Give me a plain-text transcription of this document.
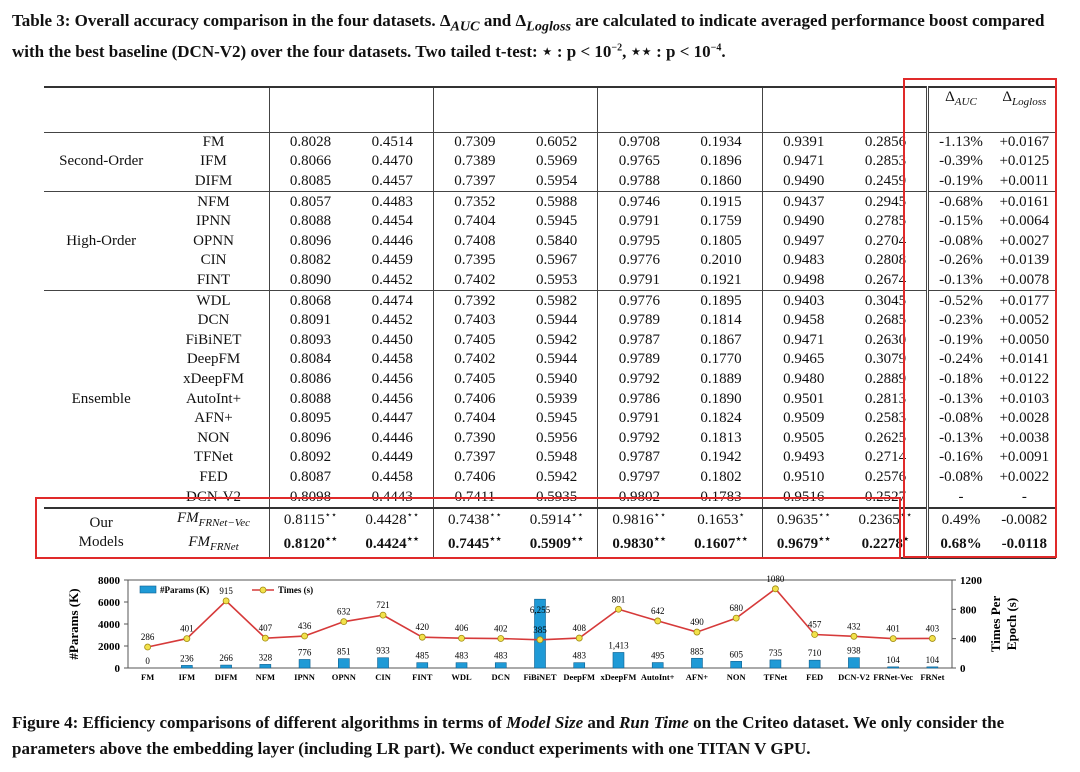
Table 3: Overall accuracy comparison in the four datasets. $\Delta_{AUC}$ and $\Delta_{Logloss}$ are calculated to indicate averaged performance boost compared with the best baseline (DCN-V2) over the four datasets. Two tailed t-test: ⋆ : $p < 10^{-2}$, ⋆⋆ : $p < 10^{-4}$.
										$\Delta_{AUC}$	$\Delta_{Logloss}$

Second-Order	FM	0.8028	0.4514	0.7309	0.6052	0.9708	0.1934	0.9391	0.2856	-1.13%	+0.0167
	IFM	0.8066	0.4470	0.7389	0.5969	0.9765	0.1896	0.9471	0.2853	-0.39%	+0.0125
	DIFM	0.8085	0.4457	0.7397	0.5954	0.9788	0.1860	0.9490	0.2459	-0.19%	+0.0011
High-Order	NFM	0.8057	0.4483	0.7352	0.5988	0.9746	0.1915	0.9437	0.2945	-0.68%	+0.0161
	IPNN	0.8088	0.4454	0.7404	0.5945	0.9791	0.1759	0.9490	0.2785	-0.15%	+0.0064
	OPNN	0.8096	0.4446	0.7408	0.5840	0.9795	0.1805	0.9497	0.2704	-0.08%	+0.0027
	CIN	0.8082	0.4459	0.7395	0.5967	0.9776	0.2010	0.9483	0.2808	-0.26%	+0.0139
	FINT	0.8090	0.4452	0.7402	0.5953	0.9791	0.1921	0.9498	0.2674	-0.13%	+0.0078
Ensemble	WDL	0.8068	0.4474	0.7392	0.5982	0.9776	0.1895	0.9403	0.3045	-0.52%	+0.0177
	DCN	0.8091	0.4452	0.7403	0.5944	0.9789	0.1814	0.9458	0.2685	-0.23%	+0.0052
	FiBiNET	0.8093	0.4450	0.7405	0.5942	0.9787	0.1867	0.9471	0.2630	-0.19%	+0.0050
	DeepFM	0.8084	0.4458	0.7402	0.5944	0.9789	0.1770	0.9465	0.3079	-0.24%	+0.0141
	xDeepFM	0.8086	0.4456	0.7405	0.5940	0.9792	0.1889	0.9480	0.2889	-0.18%	+0.0122
	AutoInt+	0.8088	0.4456	0.7406	0.5939	0.9786	0.1890	0.9501	0.2813	-0.13%	+0.0103
	AFN+	0.8095	0.4447	0.7404	0.5945	0.9791	0.1824	0.9509	0.2583	-0.08%	+0.0028
	NON	0.8096	0.4446	0.7390	0.5956	0.9792	0.1813	0.9505	0.2625	-0.13%	+0.0038
	TFNet	0.8092	0.4449	0.7397	0.5948	0.9787	0.1942	0.9493	0.2714	-0.16%	+0.0091
	FED	0.8087	0.4458	0.7406	0.5942	0.9797	0.1802	0.9510	0.2576	-0.08%	+0.0022
	DCN-V2	0.8098	0.4443	0.7411	0.5935	0.9802	0.1783	0.9516	0.2527	-	-

Our
Models	$FM_{FRNet-Vec}$	0.8115⋆⋆	0.4428⋆⋆	0.7438⋆⋆	0.5914⋆⋆	0.9816⋆⋆	0.1653⋆	0.9635⋆⋆	0.2365⋆⋆	0.49%	-0.0082
	$FM_{FRNet}$	0.8120⋆⋆	0.4424⋆⋆	0.7445⋆⋆	0.5909⋆⋆	0.9830⋆⋆	0.1607⋆⋆	0.9679⋆⋆	0.2278⋆	0.68%	-0.0118
0
2000
4000
6000
8000
0
400
800
1200
#Params (K)	Times Per Epoch (s)
0	236	266	328	776	851	933	485	483	483
6,255
483
1,413
495	885	605	735	710	938
104	104
286
401
915
407	436
632
721
420	406	402	385	408
801
642
490
680
1080
457	432	401	403
FM	IFM DIFM NFM IPNN OPNN CIN	FINT WDL DCN FiBiNET DeepFM xDeepFM AutoInt+ AFN+ NON TFNet FED DCN-V2 FRNet-Vec FRNet
#Params (K)	Times (s)
Figure 4: Efficiency comparisons of different algorithms in terms of Model Size and Run Time on the Criteo dataset. We only consider the parameters above the embedding layer (including LR part). We conduct experiments with one TITAN V GPU.
